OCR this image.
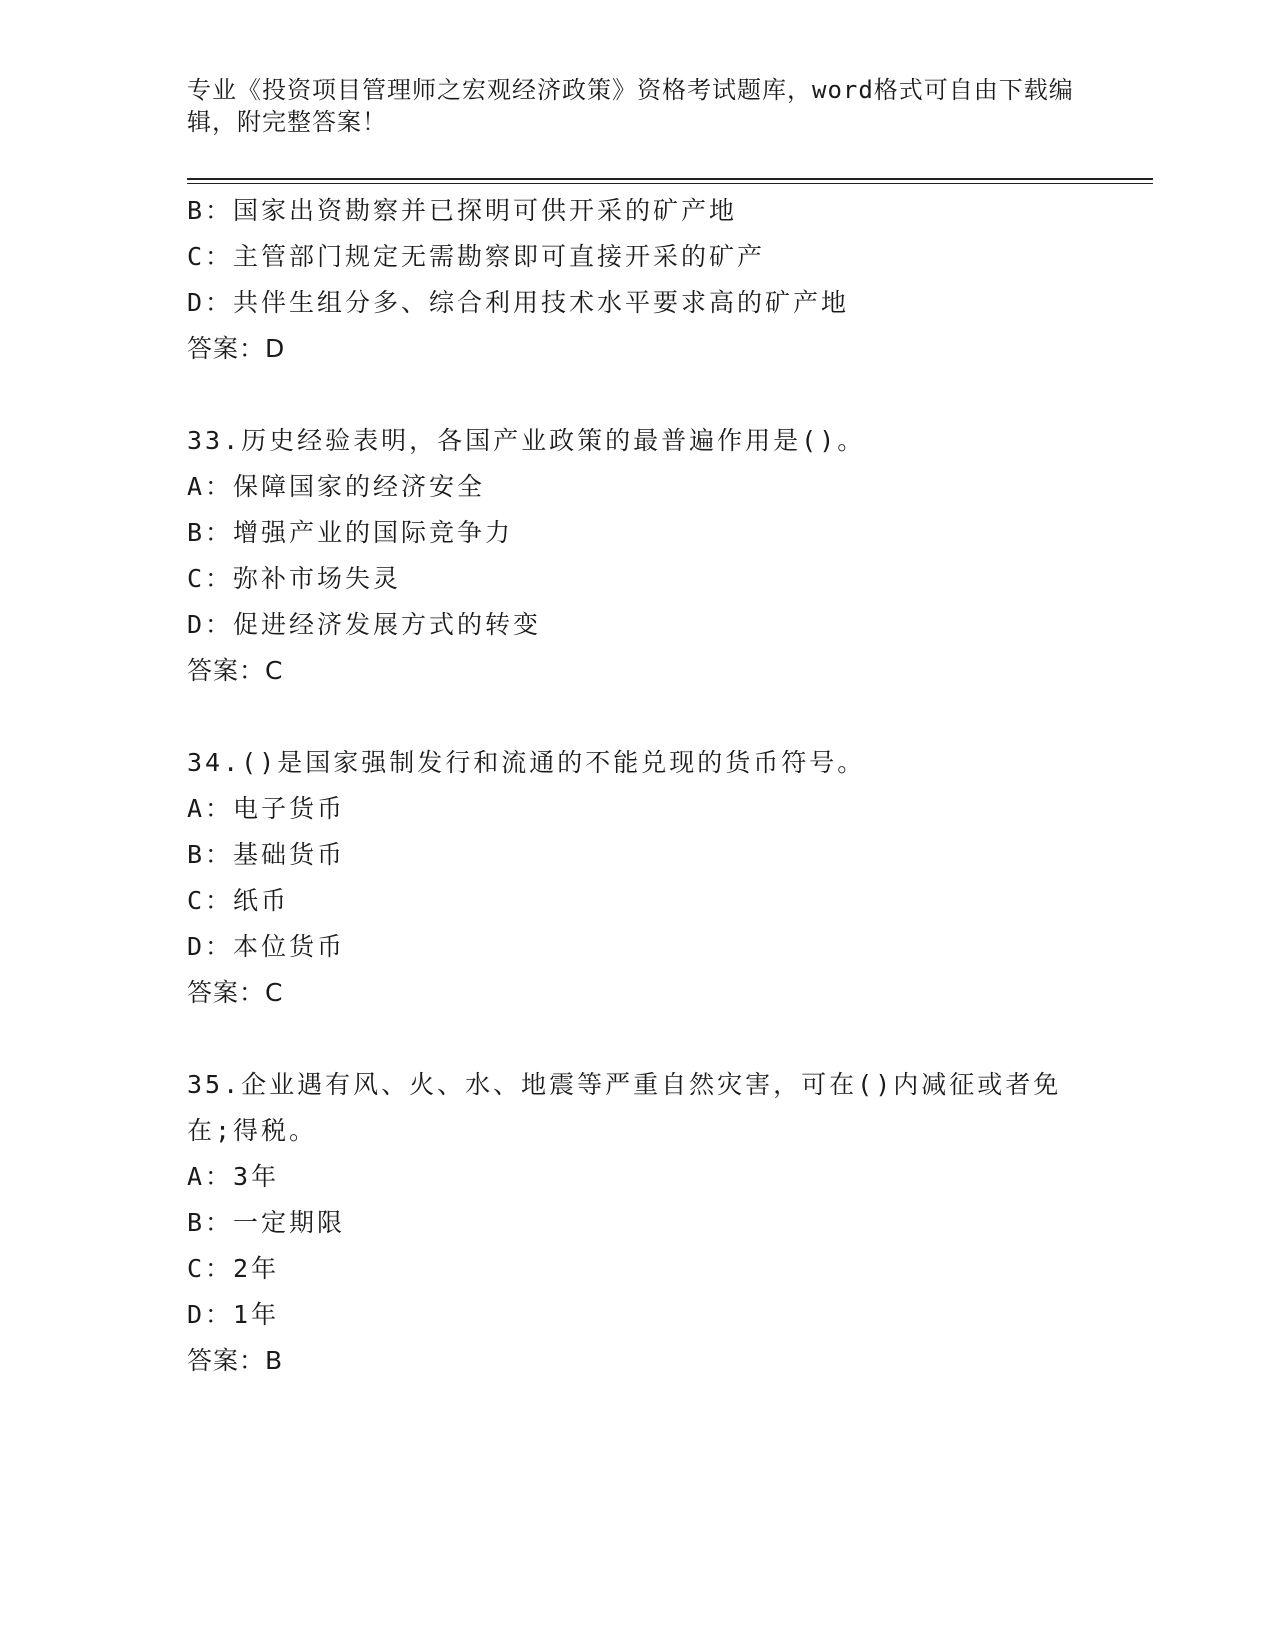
专业《投资项目管理师之宏观经济政策》资格考试题库，word格式可自由下载编辑，附完整答案！
B：国家出资勘察并已探明可供开采的矿产地
C：主管部门规定无需勘察即可直接开采的矿产
D：共伴生组分多、综合利用技术水平要求高的矿产地
答案：D
33.历史经验表明，各国产业政策的最普遍作用是()。
A：保障国家的经济安全
B：增强产业的国际竞争力
C：弥补市场失灵
D：促进经济发展方式的转变
答案：C
34.()是国家强制发行和流通的不能兑现的货币符号。
A：电子货币
B：基础货币
C：纸币
D：本位货币
答案：C
35.企业遇有风、火、水、地震等严重自然灾害，可在()内减征或者免在;得税。
A：3年
B：一定期限
C：2年
D：1年
答案：B
